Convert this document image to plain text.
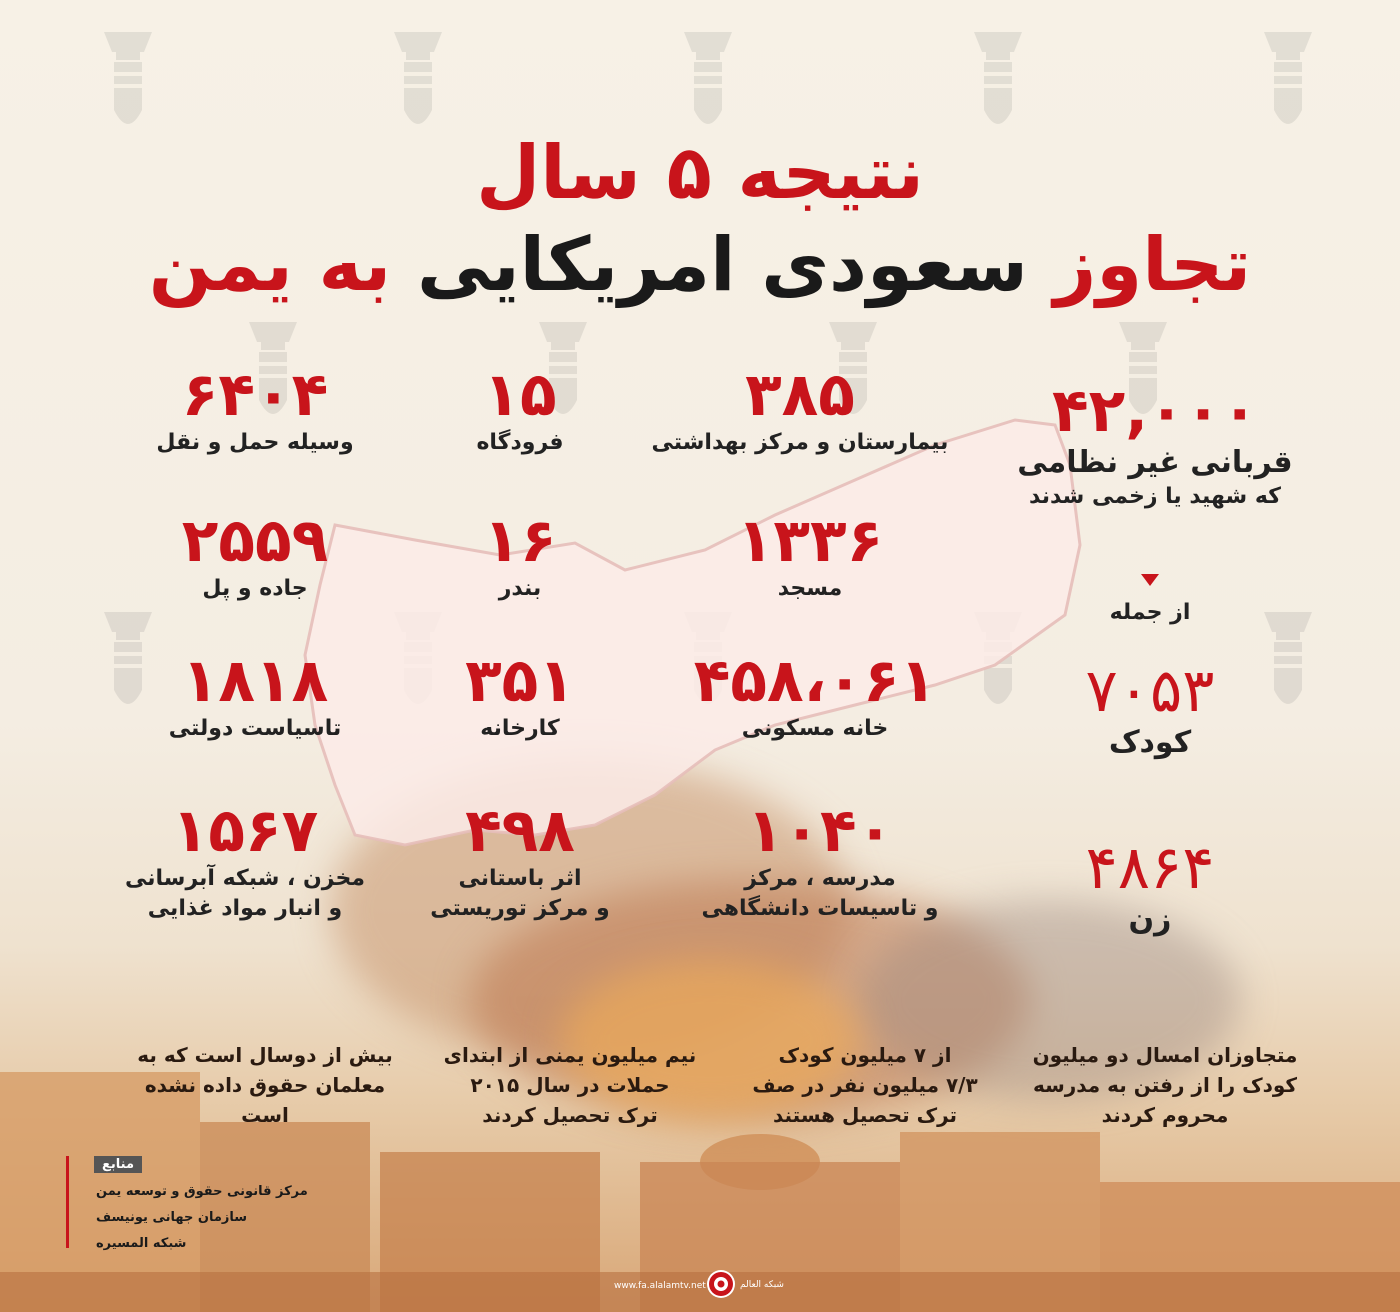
نتیجه ۵ سال
تجاوز سعودی امریکایی به یمن
۴۲,۰۰۰
قربانی غیر نظامی
که شهید یا زخمی شدند
از جمله
۷۰۵۳
کودک
۴۸۶۴
زن
۳۸۵
بیمارستان و مرکز بهداشتی
۱۵
فرودگاه
۶۴۰۴
وسیله حمل و نقل
۱۳۳۶
مسجد
۱۶
بندر
۲۵۵۹
جاده و پل
۴۵۸،۰۶۱
خانه مسکونی
۳۵۱
کارخانه
۱۸۱۸
تاسیاست دولتی
۱۰۴۰
مدرسه ، مرکز
و تاسیسات دانشگاهی
۴۹۸
اثر باستانی
و مرکز توریستی
۱۵۶۷
مخزن ، شبکه آبرسانی
و انبار مواد غذایی
متجاوزان امسال دو میلیون
کودک را از رفتن به مدرسه
محروم کردند
از ۷ میلیون کودک
۷/۳ میلیون نفر در صف
ترک تحصیل هستند
نیم میلیون یمنی از ابتدای
حملات در سال ۲۰۱۵
ترک تحصیل کردند
بیش از دوسال است که به
معلمان حقوق داده نشده است
منابع
مرکز قانونی حقوق و توسعه یمن
سازمان جهانی یونیسف
شبکه المسیره
www.fa.alalamtv.net	شبکه العالم
